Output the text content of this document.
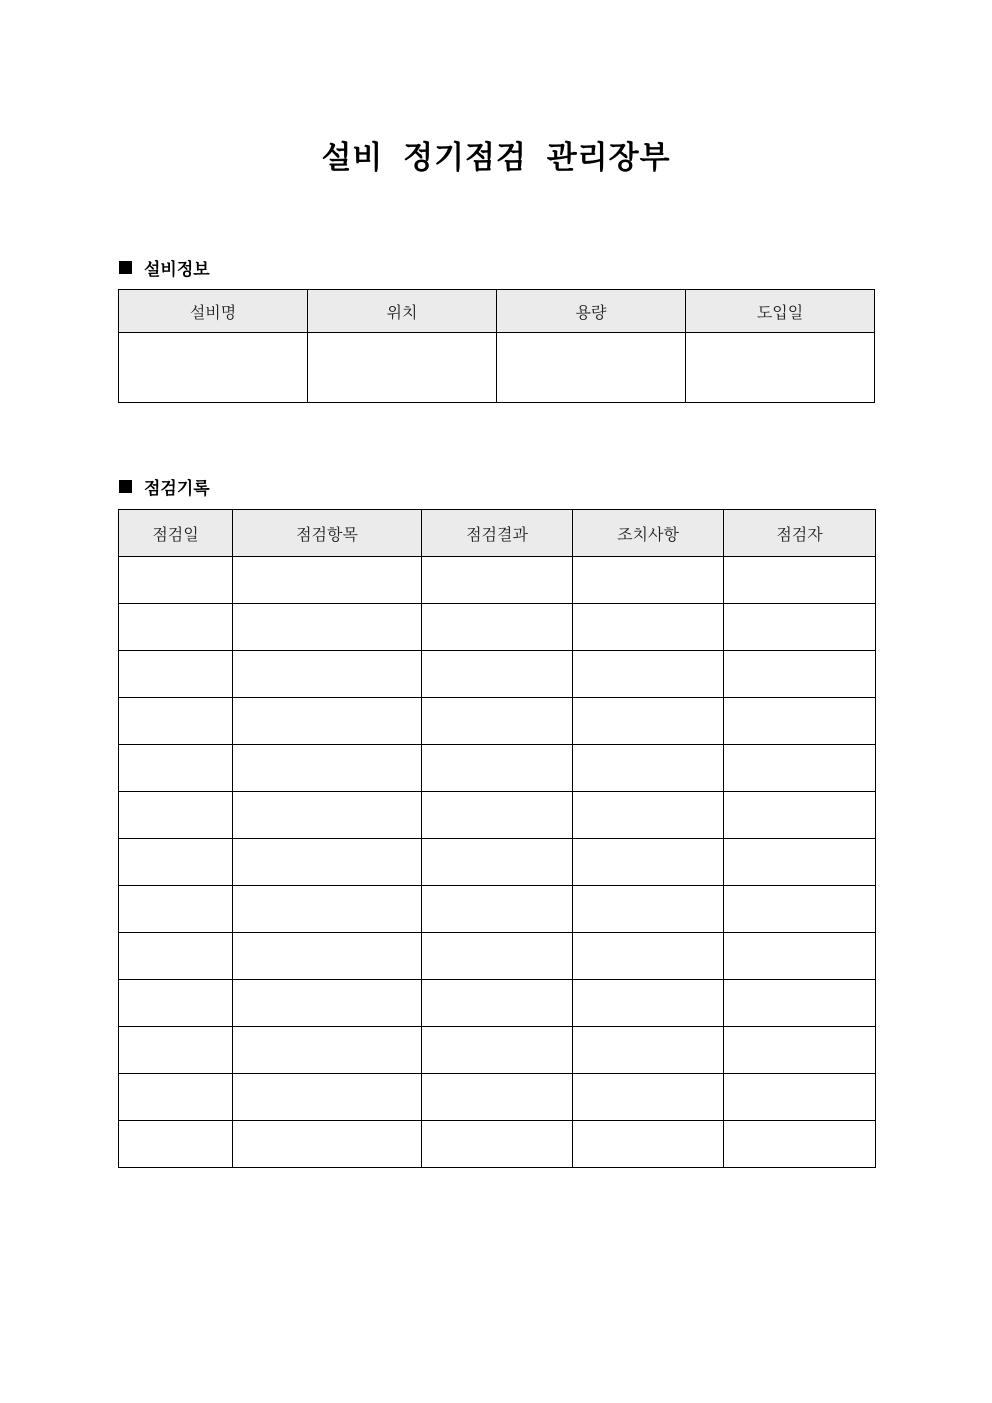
설비 정기점검 관리장부
설비정보
설비명	위치	용량	도입일

점검기록
점검일	점검항목	점검결과	조치사항	점검자
